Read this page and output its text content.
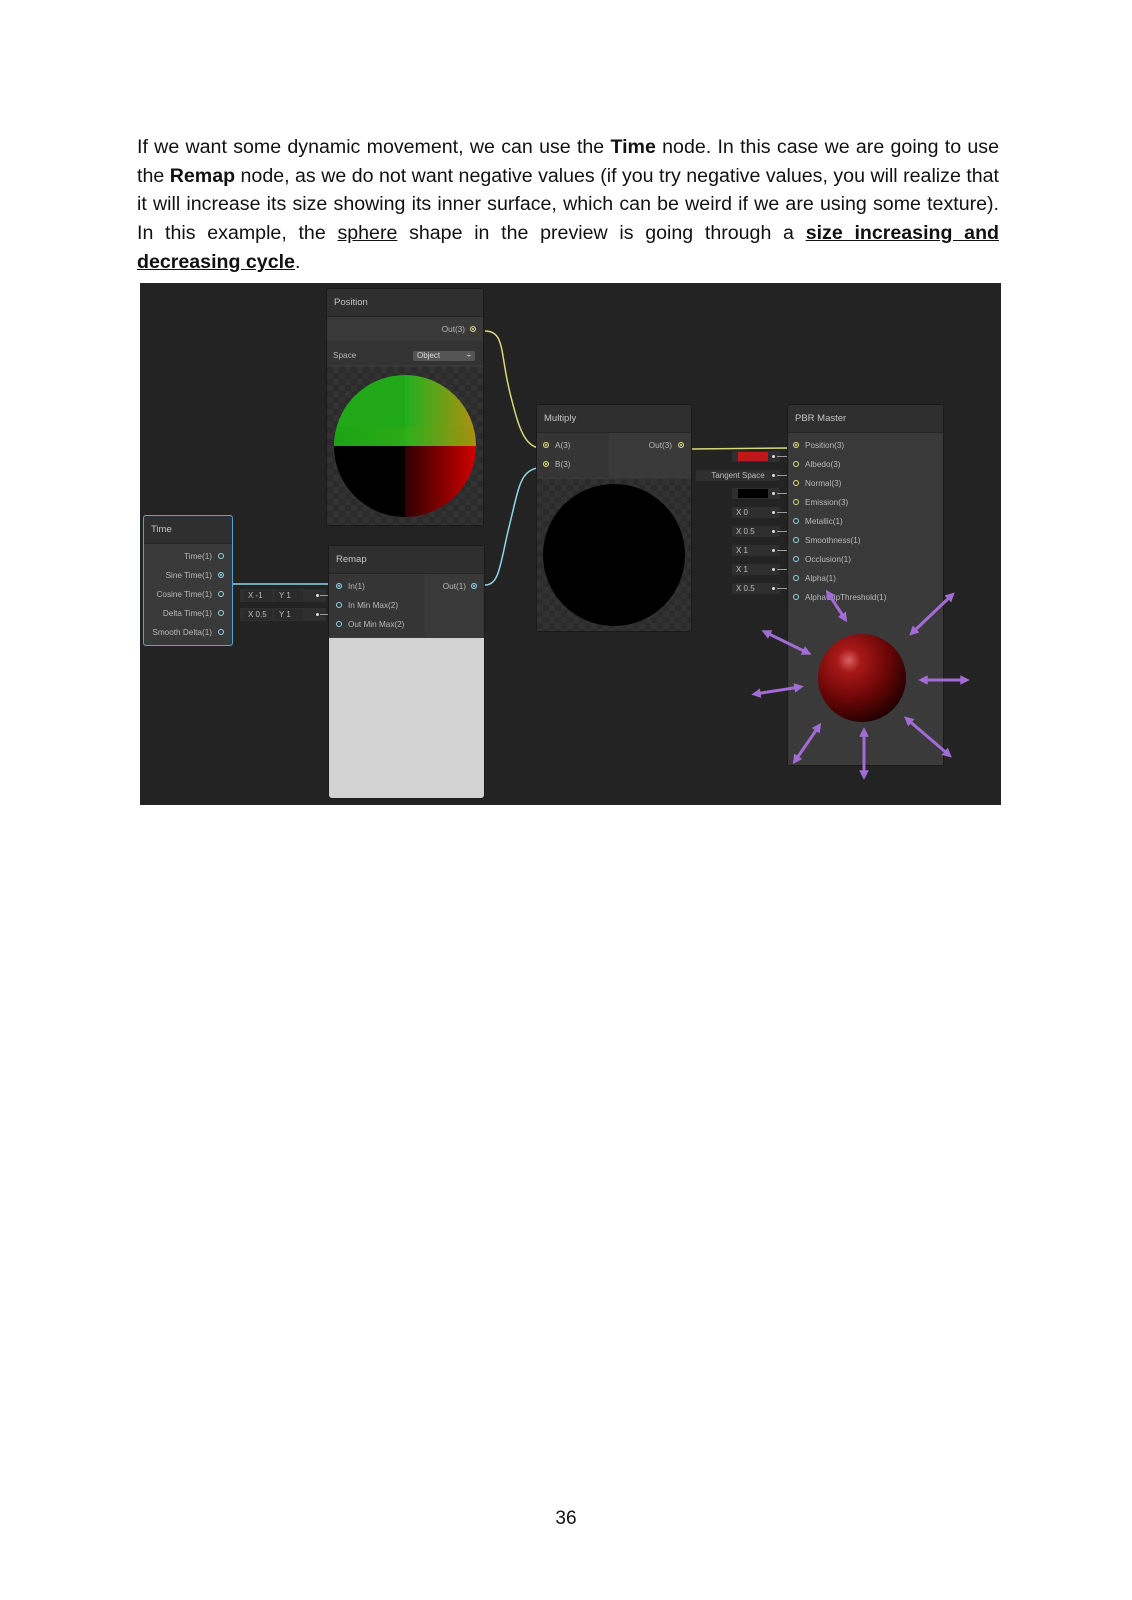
If we want some dynamic movement, we can use the Time node. In this case we are going to use the Remap node, as we do not want negative values (if you try negative values, you will realize that it will increase its size showing its inner surface, which can be weird if we are using some texture). In this example, the sphere shape in the preview is going through a size increasing and decreasing cycle.

Position
Out(3)
Space	Object	÷
Time
Time(1)
Sine Time(1)
Cosine Time(1)
Delta Time(1)
Smooth Delta(1)
X -1	Y 1
X 0.5	Y 1
Remap
In(1)
In Min Max(2)
Out Min Max(2)
Out(1)
Multiply
A(3)
B(3)
Out(3)
Tangent Space
X 0
X 0.5
X 1
X 1
X 0.5
PBR Master
Position(3)
Albedo(3)
Normal(3)
Emission(3)
Metallic(1)
Smoothness(1)
Occlusion(1)
Alpha(1)
AlphaClipThreshold(1)
36
